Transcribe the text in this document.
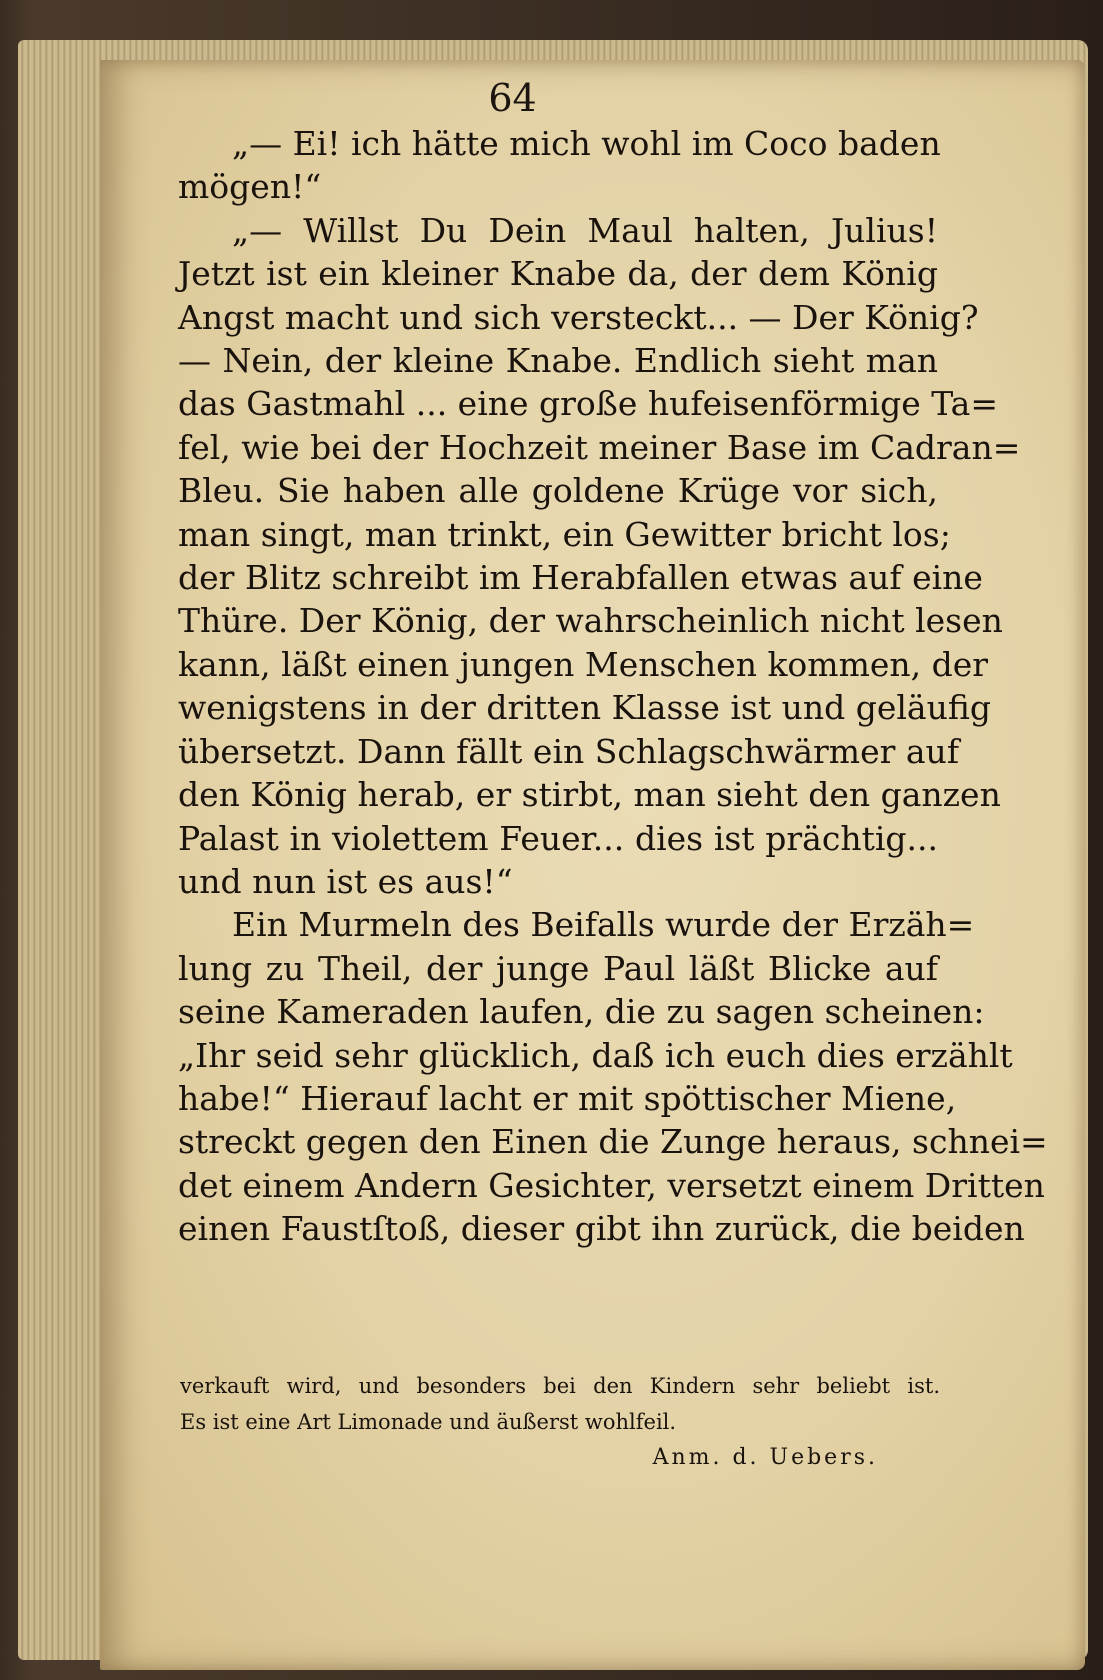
64
„— Ei! ich hätte mich wohl im Coco baden
mögen!“
„— Willst Du Dein Maul halten, Julius!
Jetzt ist ein kleiner Knabe da, der dem König
Angst macht und sich versteckt... — Der König?
— Nein, der kleine Knabe. Endlich sieht man
das Gastmahl ... eine große hufeisenförmige Ta=
fel, wie bei der Hochzeit meiner Base im Cadran=
Bleu. Sie haben alle goldene Krüge vor sich,
man singt, man trinkt, ein Gewitter bricht los;
der Blitz schreibt im Herabfallen etwas auf eine
Thüre. Der König, der wahrscheinlich nicht lesen
kann, läßt einen jungen Menschen kommen, der
wenigstens in der dritten Klasse ist und geläufig
übersetzt. Dann fällt ein Schlagschwärmer auf
den König herab, er stirbt, man sieht den ganzen
Palast in violettem Feuer... dies ist prächtig...
und nun ist es aus!“
Ein Murmeln des Beifalls wurde der Erzäh=
lung zu Theil, der junge Paul läßt Blicke auf
seine Kameraden laufen, die zu sagen scheinen:
„Ihr seid sehr glücklich, daß ich euch dies erzählt
habe!“ Hierauf lacht er mit spöttischer Miene,
streckt gegen den Einen die Zunge heraus, schnei=
det einem Andern Gesichter, versetzt einem Dritten
einen Faustſtoß, dieser gibt ihn zurück, die beiden
verkauft wird, und besonders bei den Kindern sehr beliebt ist.
Es ist eine Art Limonade und äußerst wohlfeil.
Anm. d. Uebers.
